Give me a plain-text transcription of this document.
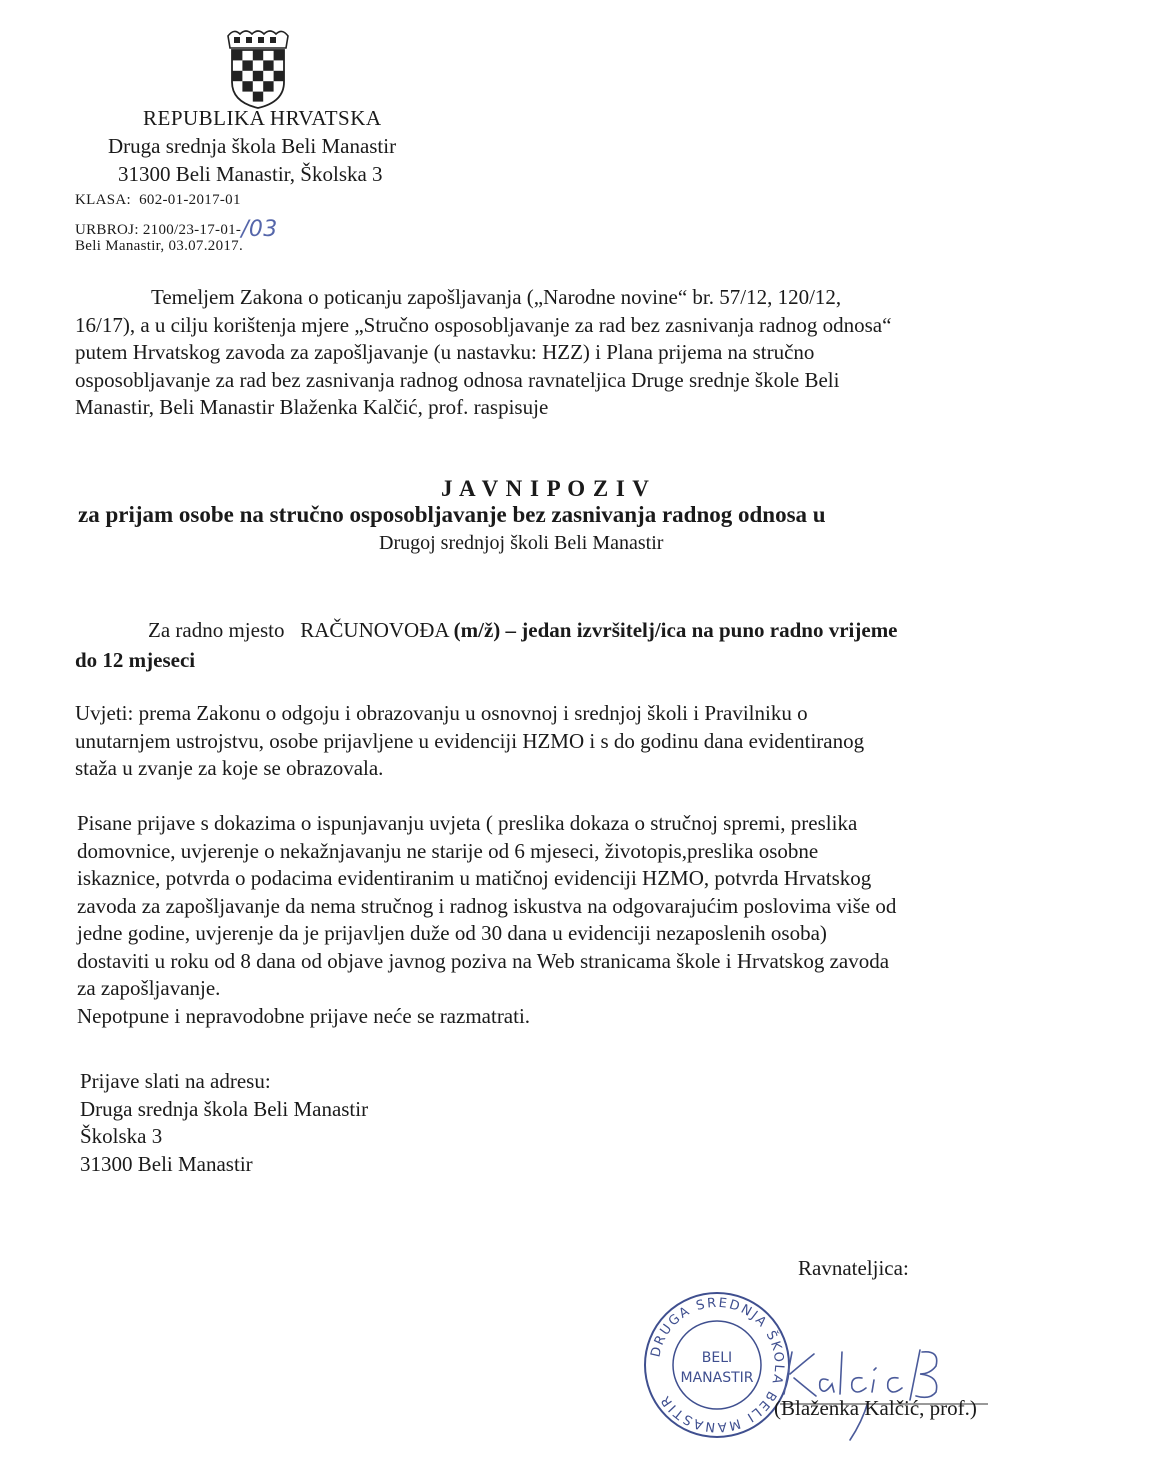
REPUBLIKA HRVATSKA
Druga srednja škola Beli Manastir
31300 Beli Manastir, Školska 3
KLASA: 602-01-2017-01
URBROJ: 2100/23-17-01-/03
Beli Manastir, 03.07.2017.
Temeljem Zakona o poticanju zapošljavanja („Narodne novine“ br. 57/12, 120/12,
16/17), a u cilju korištenja mjere „Stručno osposobljavanje za rad bez zasnivanja radnog odnosa“
putem Hrvatskog zavoda za zapošljavanje (u nastavku: HZZ) i Plana prijema na stručno
osposobljavanje za rad bez zasnivanja radnog odnosa ravnateljica Druge srednje škole Beli
Manastir, Beli Manastir Blaženka Kalčić, prof. raspisuje
J A V N I P O Z I V
za prijam osobe na stručno osposobljavanje bez zasnivanja radnog odnosa u
Drugoj srednjoj školi Beli Manastir
Za radno mjesto RAČUNOVOĐA (m/ž) – jedan izvršitelj/ica na puno radno vrijeme
do 12 mjeseci
Uvjeti: prema Zakonu o odgoju i obrazovanju u osnovnoj i srednjoj školi i Pravilniku o
unutarnjem ustrojstvu, osobe prijavljene u evidenciji HZMO i s do godinu dana evidentiranog
staža u zvanje za koje se obrazovala.
Pisane prijave s dokazima o ispunjavanju uvjeta ( preslika dokaza o stručnoj spremi, preslika
domovnice, uvjerenje o nekažnjavanju ne starije od 6 mjeseci, životopis,preslika osobne
iskaznice, potvrda o podacima evidentiranim u matičnoj evidenciji HZMO, potvrda Hrvatskog
zavoda za zapošljavanje da nema stručnog i radnog iskustva na odgovarajućim poslovima više od
jedne godine, uvjerenje da je prijavljen duže od 30 dana u evidenciji nezaposlenih osoba)
dostaviti u roku od 8 dana od objave javnog poziva na Web stranicama škole i Hrvatskog zavoda
za zapošljavanje.
Nepotpune i nepravodobne prijave neće se razmatrati.
Prijave slati na adresu:
Druga srednja škola Beli Manastir
Školska 3
31300 Beli Manastir
Ravnateljica:
DRUGA SREDNJA ŠKOLA BELI MANASTIR
BELI
MANASTIR
(Blaženka Kalčić, prof.)
